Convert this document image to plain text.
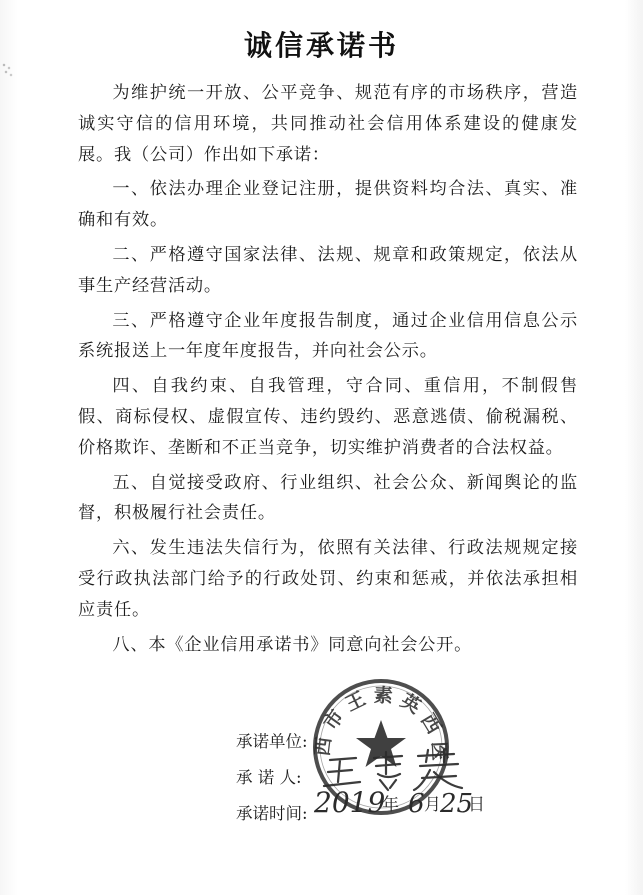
诚信承诺书

为维护统一开放、公平竞争、规范有序的市场秩序，营造诚实守信的信用环境，共同推动社会信用体系建设的健康发展。我（公司）作出如下承诺：

一、依法办理企业登记注册，提供资料均合法、真实、准确和有效。

二、严格遵守国家法律、法规、规章和政策规定，依法从事生产经营活动。

三、严格遵守企业年度报告制度，通过企业信用信息公示系统报送上一年度年度报告，并向社会公示。

四、自我约束、自我管理，守合同、重信用，不制假售假、商标侵权、虚假宣传、违约毁约、恶意逃债、偷税漏税、价格欺诈、垄断和不正当竞争，切实维护消费者的合法权益。

五、自觉接受政府、行业组织、社会公众、新闻舆论的监督，积极履行社会责任。

六、发生违法失信行为，依照有关法律、行政法规规定接受行政执法部门给予的行政处罚、约束和惩戒，并依法承担相应责任。

八、本《企业信用承诺书》同意向社会公开。

承诺单位:
承 诺 人:
承诺时间:
西 市 王 素 英 西 医
2019
年 6 月 25
日
